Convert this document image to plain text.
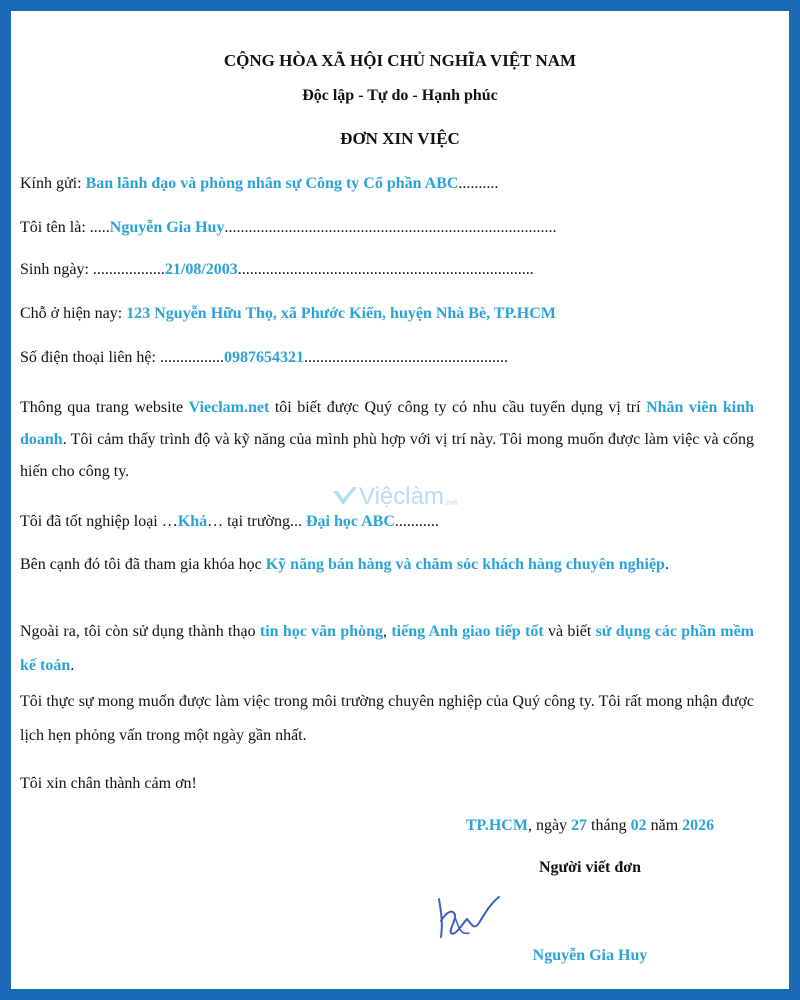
CỘNG HÒA XÃ HỘI CHỦ NGHĨA VIỆT NAM
Độc lập - Tự do - Hạnh phúc
ĐƠN XIN VIỆC
Kính gửi: Ban lãnh đạo và phòng nhân sự Công ty Cổ phần ABC..........
Tôi tên là: .....Nguyễn Gia Huy...................................................................................
Sinh ngày: ..................21/08/2003..........................................................................
Chỗ ở hiện nay: 123 Nguyễn Hữu Thọ, xã Phước Kiển, huyện Nhà Bè, TP.HCM
Số điện thoại liên hệ: ................0987654321...................................................
Thông qua trang website Vieclam.net tôi biết được Quý công ty có nhu cầu tuyển dụng vị trí Nhân viên kinh doanh. Tôi cảm thấy trình độ và kỹ năng của mình phù hợp với vị trí này. Tôi mong muốn được làm việc và cống hiến cho công ty.
Việclàm .net
Tôi đã tốt nghiệp loại …Khá… tại trường... Đại học ABC...........
Bên cạnh đó tôi đã tham gia khóa học Kỹ năng bán hàng và chăm sóc khách hàng chuyên nghiệp.
Ngoài ra, tôi còn sử dụng thành thạo tin học văn phòng, tiếng Anh giao tiếp tốt và biết sử dụng các phần mềm kế toán.
Tôi thực sự mong muốn được làm việc trong môi trường chuyên nghiệp của Quý công ty. Tôi rất mong nhận được lịch hẹn phỏng vấn trong một ngày gần nhất.
Tôi xin chân thành cảm ơn!
TP.HCM, ngày 27 tháng 02 năm 2026
Người viết đơn
Nguyễn Gia Huy
